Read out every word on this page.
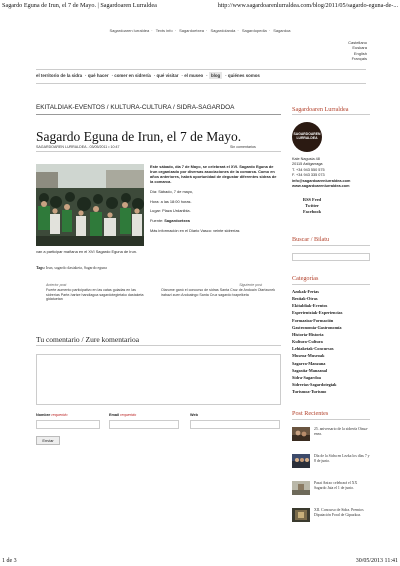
Sagardo Eguna de Irun, el 7 de Mayo. | Sagardoaren Lurraldea	http://www.sagardoarenlurraldea.com/blog/2011/05/sagardo-eguna-de-...
1 de 3	30/05/2013 11:41
Sagardoaren lurraldea · Texts info · Sagardoetxea · Sagardolanda · Sagardopedia · Sagardoa
Castellano
Euskara
English
Français
el territorio de la sidra · qué hacer · comer en sidrería · qué visitar · el museo · blog · quiénes somos
EKITALDIAK-EVENTOS / KULTURA-CULTURA / SIDRA-SAGARDOA
Sagardo Eguna de Irun, el 7 de Mayo.
SAGARDOAREN LURRALDEA - 03/05/2011 • 10:47	Sin comentarios

Este sábado, día 7 de Mayo, se celebrará el XVI. Sagardo Eguna de Irun organizado por diversas asociaciones de la comarca. Como en años anteriores, habrá oportunidad de degustar diferentes sidras de la comarca.

Día: Sábado, 7 de mayo,

Hora: a las 18:00 horas.

Lugar: Plaza Urdanibia.

Fuente: Sagardoetxea

Más información en el Diario Vasco: veinte sidrerías

van a participar mañana en el XVI Sagardo Eguna de Irun.
Tags: Irun, sagardo dastaketa, Sagardo eguna
Anterior post
Fuerte aumento participativo en las catas guiadas en las sidrerías Parte-hartze handiagoa sagardotegietako dastaketa gidatuetan
Siguiente post
Oiarume ganó el concurso de sidras Santa Cruz de Andoain Oiartzunek irabazi zuen Andoaingo Santa Cruz sagardo txapelketa
Tu comentario / Zure komentarioa
Nombre requerido	Email requerido	Web
Enviar
Sagardoaren Lurraldea
SAGARDOAREN
LURRALDEA
Kale Nagusia 48
20115 Astigarraga
T. +34 943 550 575
F. +34 943 335 073
info@sagardoarenlurraldea.com
www.sagardoarenlurraldea.com
RSS Feed
Twitter
Facebook
Buscar / Bilatu
Categorías
Azokak-Ferias
Bestiak-Otras
Ekitaldiak-Eventos
Esperientziak-Experiencias
Formazioa-Formación
Gastronomia-Gastronomía
Historia-Historia
Kultura-Cultura
Lehiaketak-Concursos
Museoa-Museoak
Sagarra-Manzana
Sagastia-Manzanal
Sidra-Sagardoa
Sidrerías-Sagardotegiak
Turismoa-Turismo
Post Recientes
25. aniversario de la sidrería Otsua-enea.
Día de la Sidra en Lezka los días 7 y 8 de junio.
Pasai Antxo celebrará el XX Sagardo Jaia el 1 de junio.
XII. Concurso de Sidra. Premios Diputación Foral de Gipuzkoa.
